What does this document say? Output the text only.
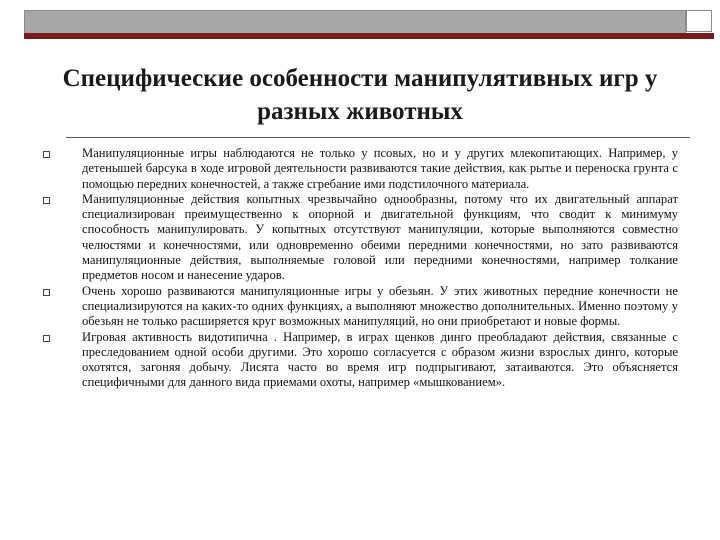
Специфические особенности манипулятивных игр у разных животных
Манипуляционные игры наблюдаются не только у псовых, но и у других млекопитающих. Например, у детенышей барсука в ходе игровой деятельности развиваются такие действия, как рытье и переноска грунта с помощью передних конечностей, а также сгребание ими подстилочного материала.
Манипуляционные действия копытных чрезвычайно однообразны, потому что их двигательный аппарат специализирован преимущественно к опорной и двигательной функциям, что сводит к минимуму способность манипулировать. У копытных отсутствуют манипуляции, которые выполняются совместно челюстями и конечностями, или одновременно обеими передними конечностями, но зато развиваются манипуляционные действия, выполняемые головой или передними конечностями, например толкание предметов носом и нанесение ударов.
Очень хорошо развиваются манипуляционные игры у обезьян. У этих животных передние конечности не специализируются на каких-то одних функциях, а выполняют множество дополнительных. Именно поэтому у обезьян не только расширяется круг возможных манипуляций, но они приобретают и новые формы.
Игровая активность видотипична . Например, в играх щенков динго преобладают действия, связанные с преследованием одной особи другими. Это хорошо согласуется с образом жизни взрослых динго, которые охотятся, загоняя добычу. Лисята часто во время игр подпрыгивают, затаиваются. Это объясняется специфичными для данного вида приемами охоты, например «мышкованием».
